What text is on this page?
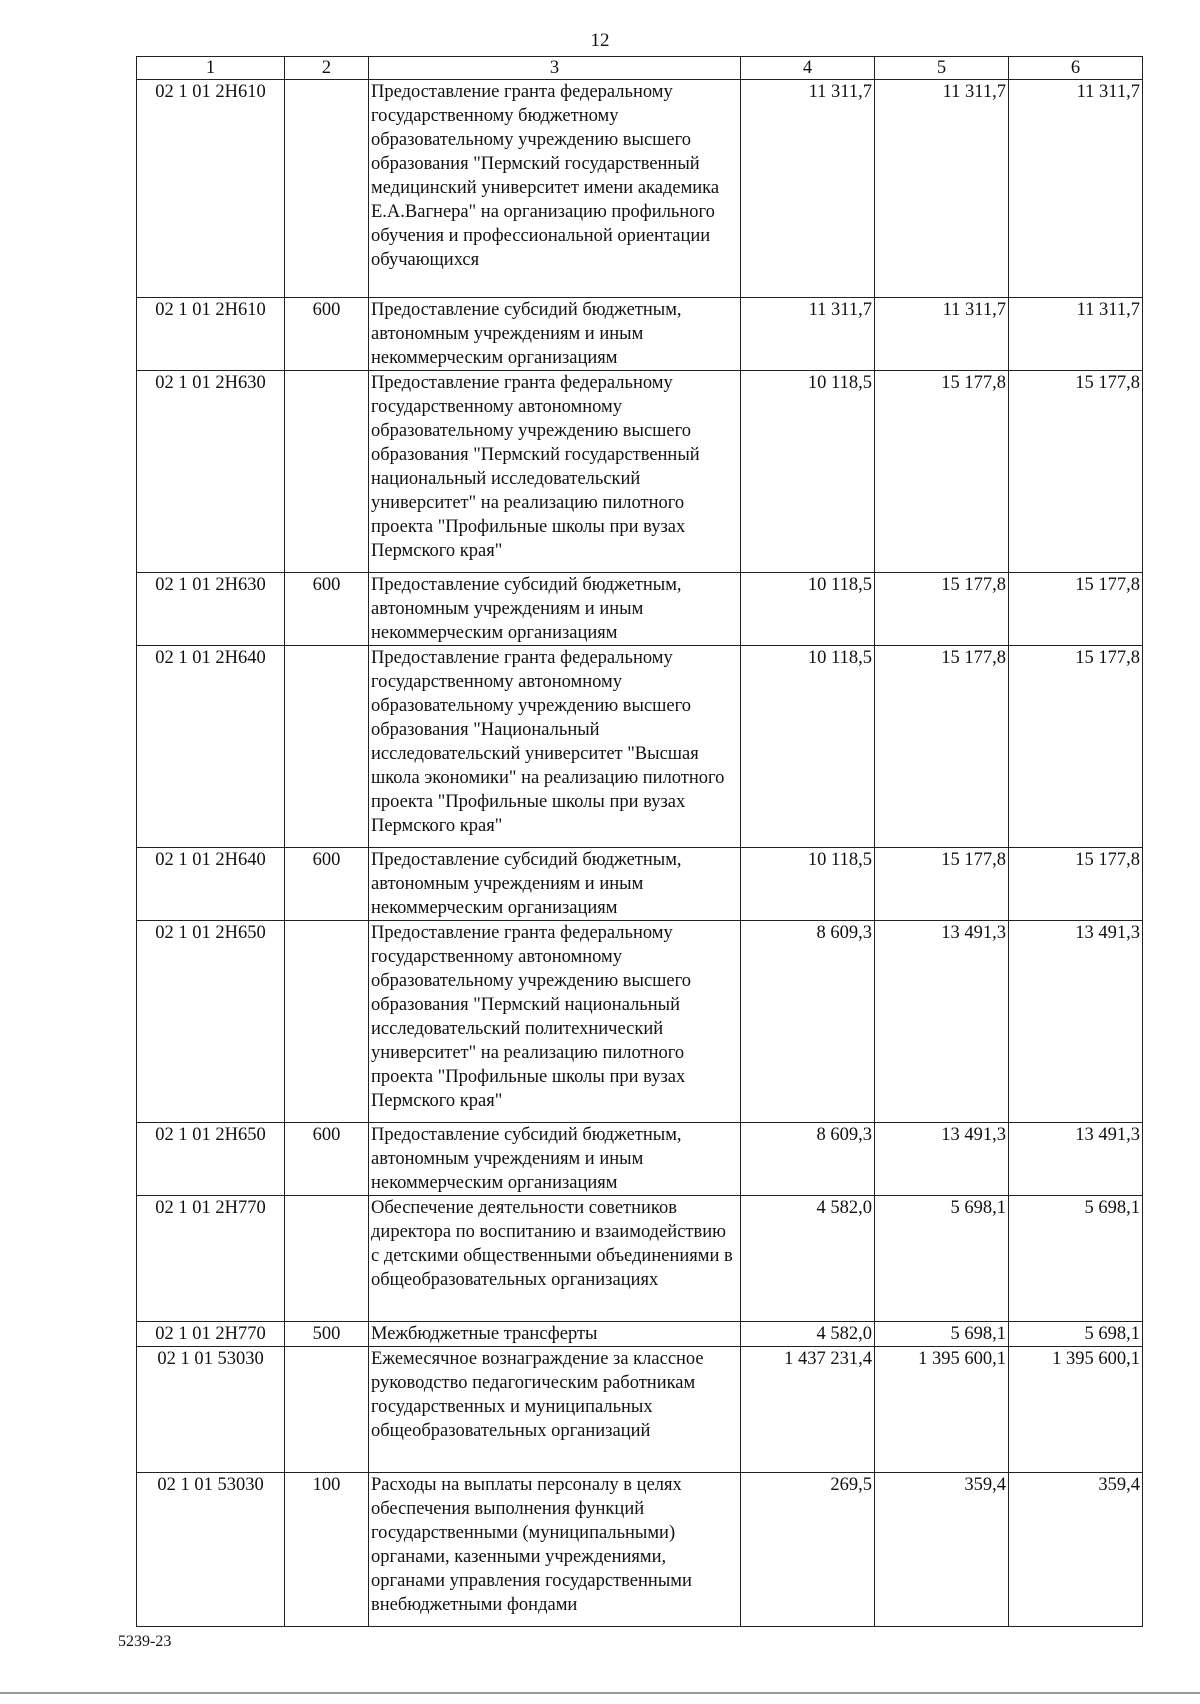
12
1	2	3	4	5	6
02 1 01 2Н610		Предоставление гранта федеральному государственному бюджетному образовательному учреждению высшего образования "Пермский государственный медицинский университет имени академика Е.А.Вагнера" на организацию профильного обучения и профессиональной ориентации обучающихся	11 311,7	11 311,7	11 311,7
02 1 01 2Н610	600	Предоставление субсидий бюджетным, автономным учреждениям и иным некоммерческим организациям	11 311,7	11 311,7	11 311,7
02 1 01 2Н630		Предоставление гранта федеральному государственному автономному образовательному учреждению высшего образования "Пермский государственный национальный исследовательский университет" на реализацию пилотного проекта "Профильные школы при вузах Пермского края"	10 118,5	15 177,8	15 177,8
02 1 01 2Н630	600	Предоставление субсидий бюджетным, автономным учреждениям и иным некоммерческим организациям	10 118,5	15 177,8	15 177,8
02 1 01 2Н640		Предоставление гранта федеральному государственному автономному образовательному учреждению высшего образования "Национальный исследовательский университет "Высшая школа экономики" на реализацию пилотного проекта "Профильные школы при вузах Пермского края"	10 118,5	15 177,8	15 177,8
02 1 01 2Н640	600	Предоставление субсидий бюджетным, автономным учреждениям и иным некоммерческим организациям	10 118,5	15 177,8	15 177,8
02 1 01 2Н650		Предоставление гранта федеральному государственному автономному образовательному учреждению высшего образования "Пермский национальный исследовательский политехнический университет" на реализацию пилотного проекта "Профильные школы при вузах Пермского края"	8 609,3	13 491,3	13 491,3
02 1 01 2Н650	600	Предоставление субсидий бюджетным, автономным учреждениям и иным некоммерческим организациям	8 609,3	13 491,3	13 491,3
02 1 01 2Н770		Обеспечение деятельности советников директора по воспитанию и взаимодействию с детскими общественными объединениями в общеобразовательных организациях	4 582,0	5 698,1	5 698,1
02 1 01 2Н770	500	Межбюджетные трансферты	4 582,0	5 698,1	5 698,1
02 1 01 53030		Ежемесячное вознаграждение за классное руководство педагогическим работникам государственных и муниципальных общеобразовательных организаций	1 437 231,4	1 395 600,1	1 395 600,1
02 1 01 53030	100	Расходы на выплаты персоналу в целях обеспечения выполнения функций государственными (муниципальными) органами, казенными учреждениями, органами управления государственными внебюджетными фондами	269,5	359,4	359,4
5239-23
